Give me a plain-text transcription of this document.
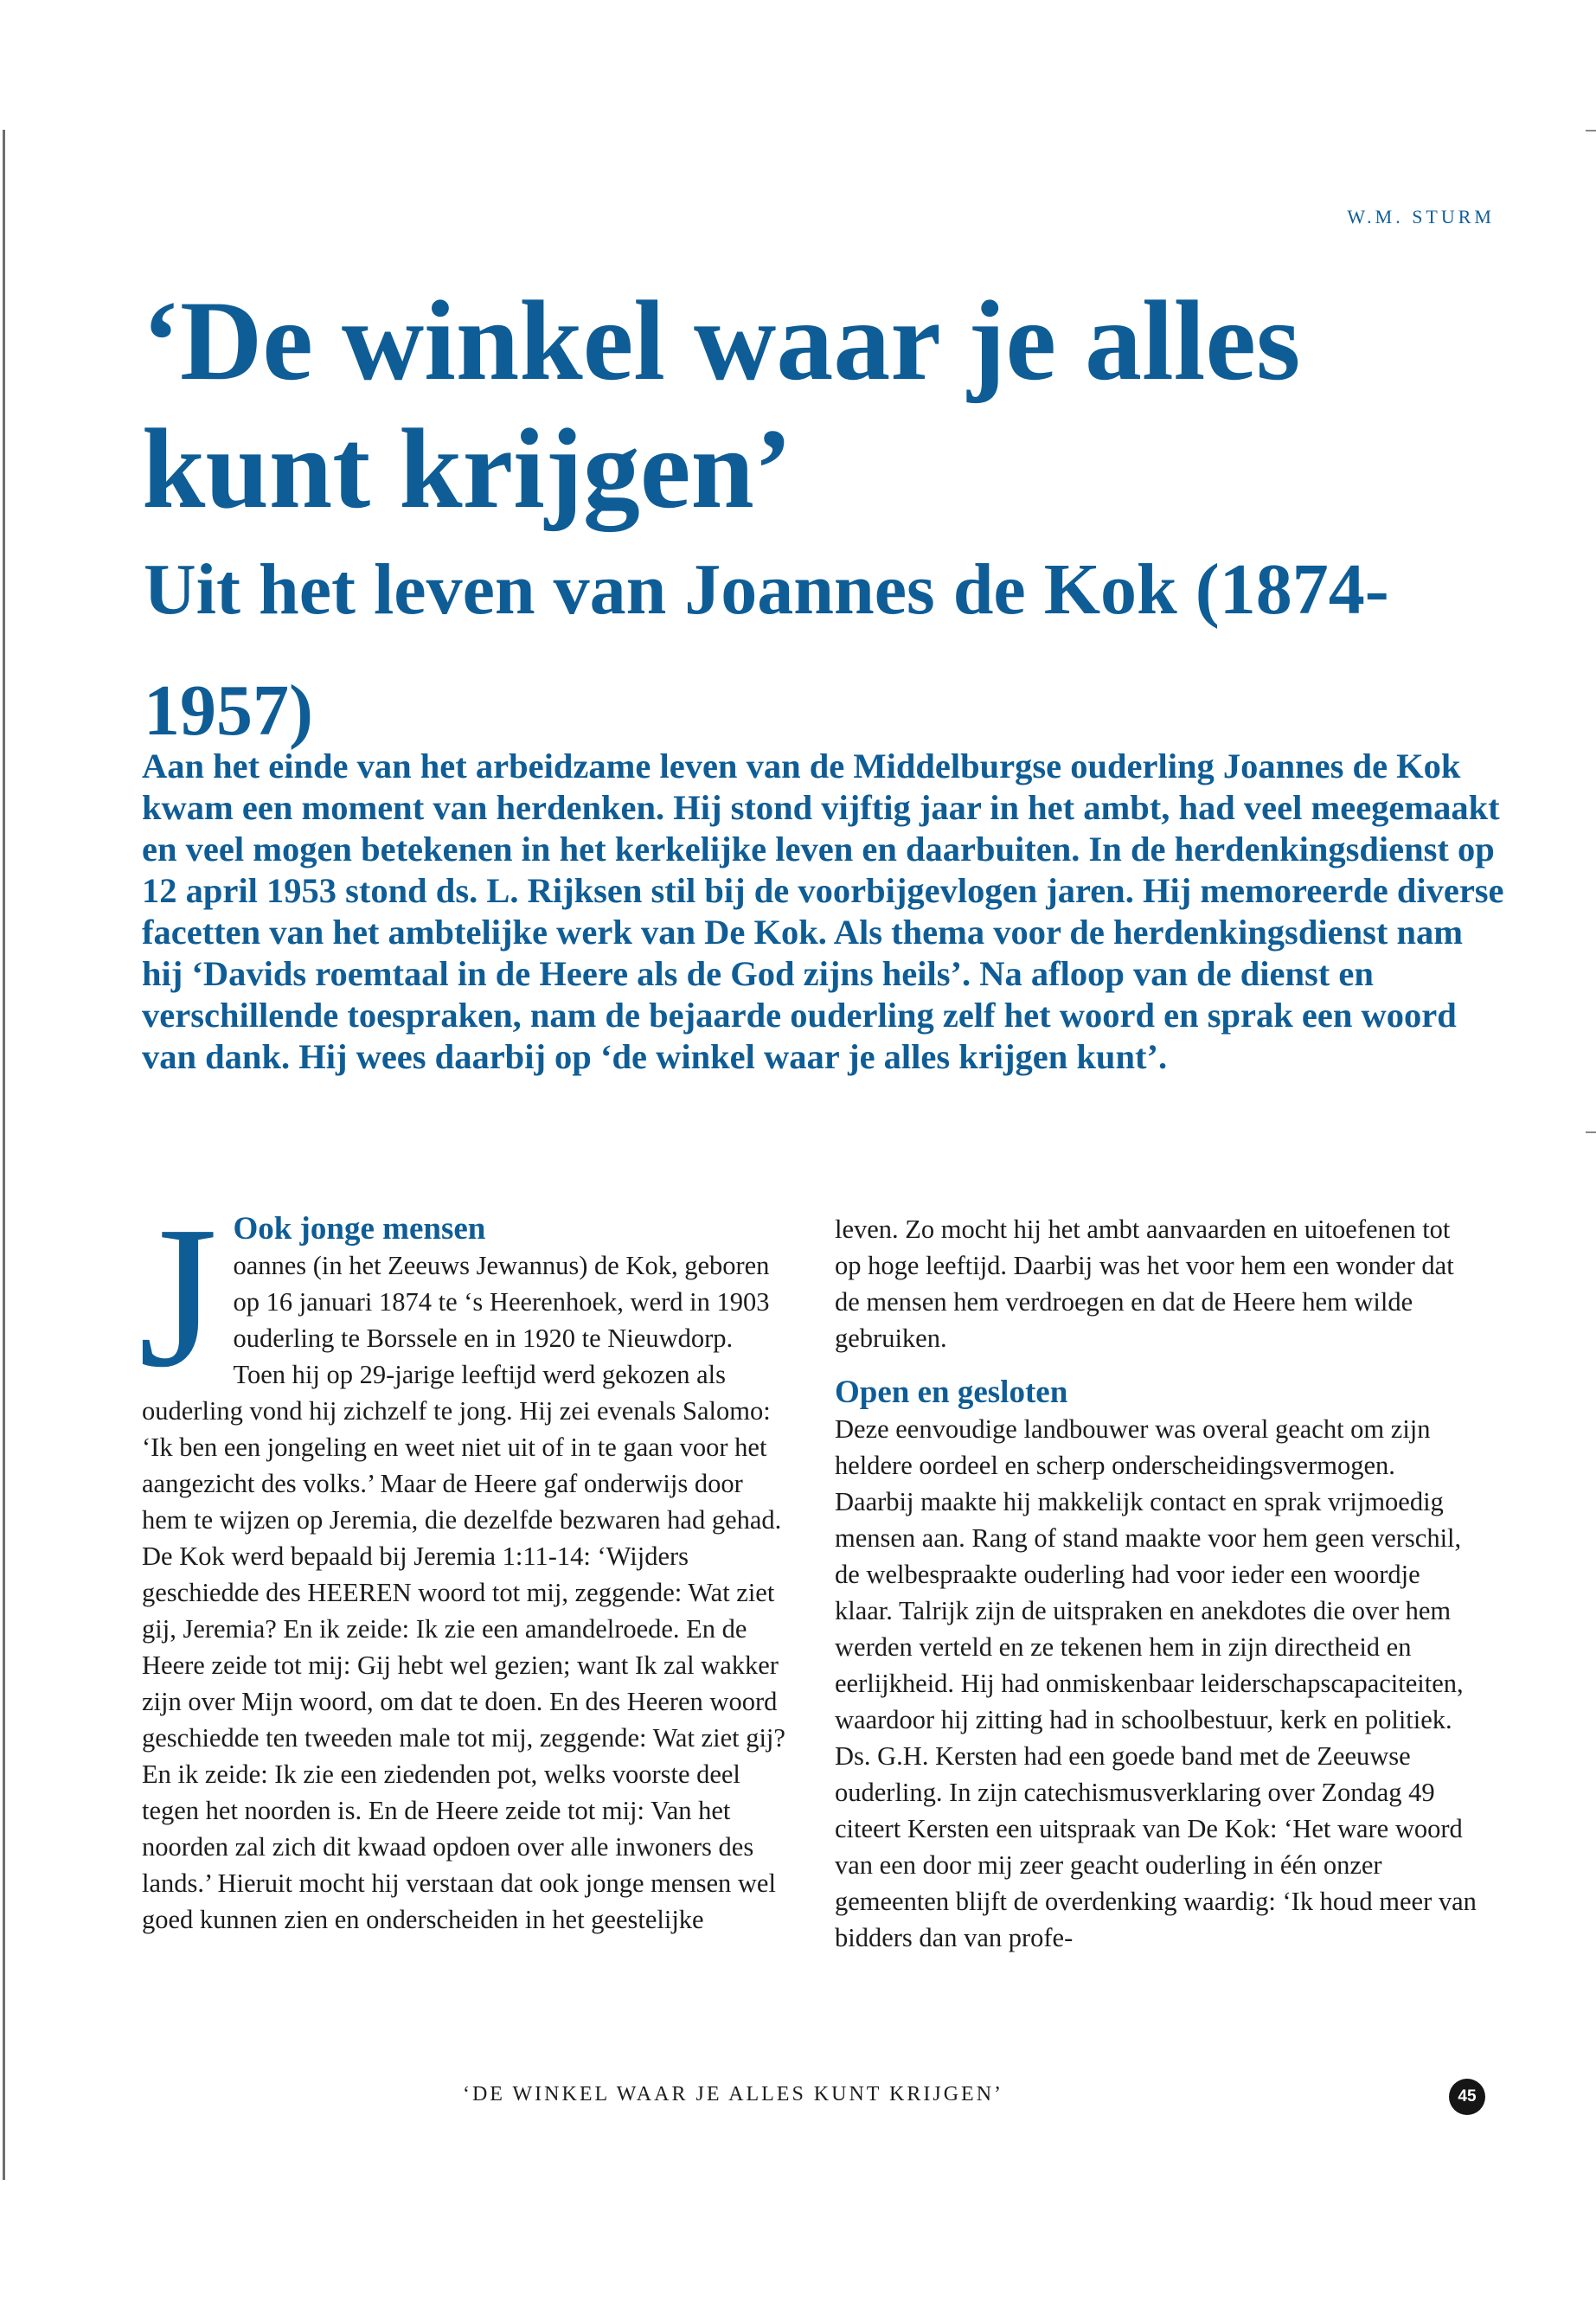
W.M. STURM
‘De winkel waar je alles kunt krijgen’
Uit het leven van Joannes de Kok (1874-1957)

Aan het einde van het arbeidzame leven van de Middelburgse ouderling Joannes de Kok kwam een moment van herdenken. Hij stond vijftig jaar in het ambt, had veel meegemaakt en veel mogen betekenen in het kerkelijke leven en daarbuiten. In de herdenkingsdienst op 12 april 1953 stond ds. L. Rijksen stil bij de voorbijgevlogen jaren. Hij memoreerde diverse facetten van het ambtelijke werk van De Kok. Als thema voor de herdenkingsdienst nam hij ‘Davids roemtaal in de Heere als de God zijns heils’. Na afloop van de dienst en verschillende toespraken, nam de bejaarde ouderling zelf het woord en sprak een woord van dank. Hij wees daarbij op ‘de winkel waar je alles krijgen kunt’.

J Ook jonge mensen

oannes (in het Zeeuws Jewannus) de Kok, geboren op 16 januari 1874 te ‘s Heerenhoek, werd in 1903 ouderling te Borssele en in 1920 te Nieuwdorp. Toen hij op 29-jarige leeftijd werd gekozen als ouderling vond hij zichzelf te jong. Hij zei evenals Salomo: ‘Ik ben een jongeling en weet niet uit of in te gaan voor het aangezicht des volks.’ Maar de Heere gaf onderwijs door hem te wijzen op Jeremia, die dezelfde bezwaren had gehad. De Kok werd bepaald bij Jeremia 1:11-14: ‘Wijders geschiedde des HEEREN woord tot mij, zeggende: Wat ziet gij, Jeremia? En ik zeide: Ik zie een amandelroede. En de Heere zeide tot mij: Gij hebt wel gezien; want Ik zal wakker zijn over Mijn woord, om dat te doen. En des Heeren woord geschiedde ten tweeden male tot mij, zeggende: Wat ziet gij? En ik zeide: Ik zie een ziedenden pot, welks voorste deel tegen het noorden is. En de Heere zeide tot mij: Van het noorden zal zich dit kwaad opdoen over alle inwoners des lands.’ Hieruit mocht hij verstaan dat ook jonge mensen wel goed kunnen zien en onderscheiden in het geestelijke

leven. Zo mocht hij het ambt aanvaarden en uitoefenen tot op hoge leeftijd. Daarbij was het voor hem een wonder dat de mensen hem verdroegen en dat de Heere hem wilde gebruiken.

Open en gesloten

Deze eenvoudige landbouwer was overal geacht om zijn heldere oordeel en scherp onderscheidingsvermogen. Daarbij maakte hij makkelijk contact en sprak vrijmoedig mensen aan. Rang of stand maakte voor hem geen verschil, de welbespraakte ouderling had voor ieder een woordje klaar. Talrijk zijn de uitspraken en anekdotes die over hem werden verteld en ze tekenen hem in zijn directheid en eerlijkheid. Hij had onmiskenbaar leiderschapscapaciteiten, waardoor hij zitting had in schoolbestuur, kerk en politiek.

Ds. G.H. Kersten had een goede band met de Zeeuwse ouderling. In zijn catechismusverklaring over Zondag 49 citeert Kersten een uitspraak van De Kok: ‘Het ware woord van een door mij zeer geacht ouderling in één onzer gemeenten blijft de overdenking waardig: ‘Ik houd meer van bidders dan van profe-

‘DE WINKEL WAAR JE ALLES KUNT KRIJGEN’	45
